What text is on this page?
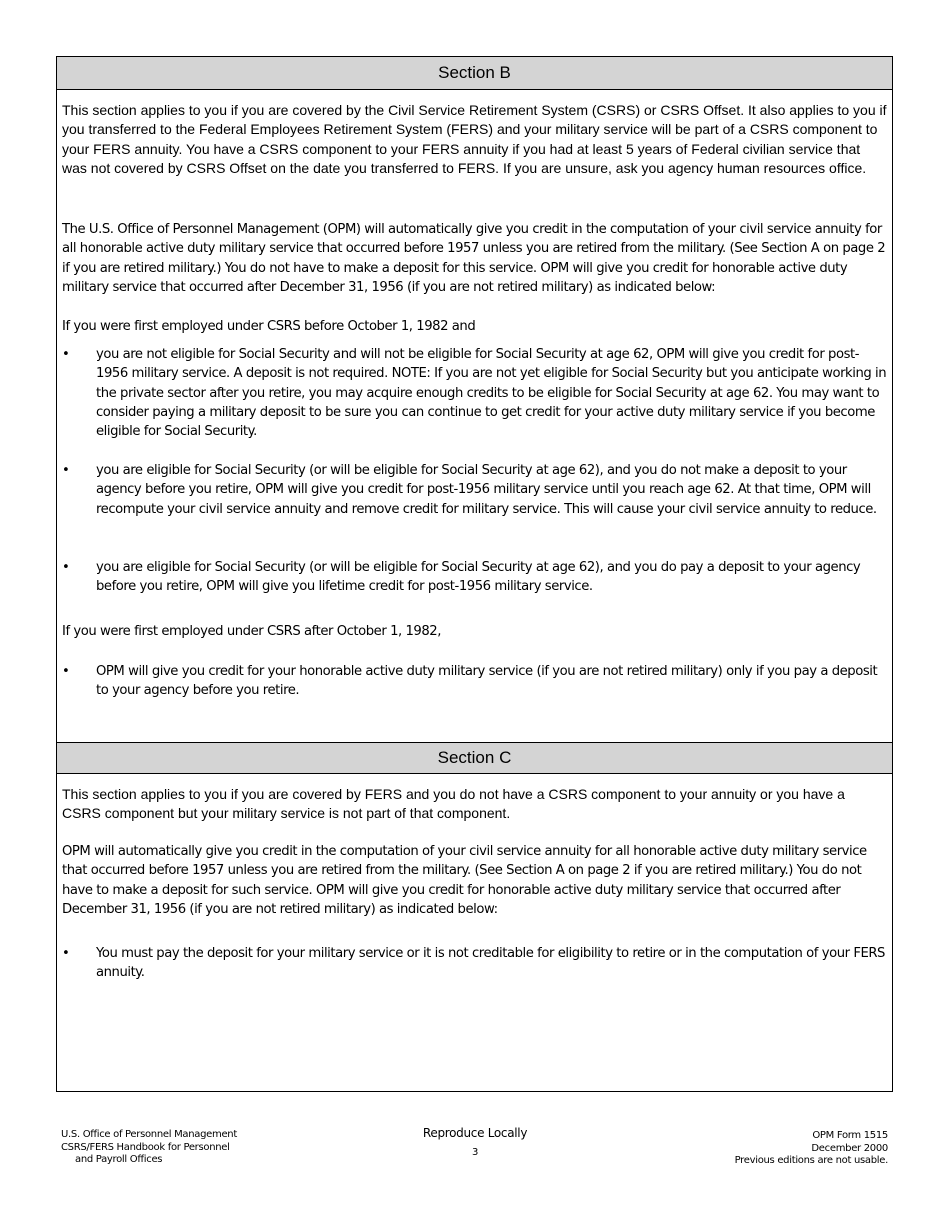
Section B

This section applies to you if you are covered by the Civil Service Retirement System (CSRS) or CSRS Offset. It also applies to you if you transferred to the Federal Employees Retirement System (FERS) and your military service will be part of a CSRS component to your FERS annuity. You have a CSRS component to your FERS annuity if you had at least 5 years of Federal civilian service that was not covered by CSRS Offset on the date you transferred to FERS. If you are unsure, ask you agency human resources office.

The U.S. Office of Personnel Management (OPM) will automatically give you credit in the computation of your civil service annuity for all honorable active duty military service that occurred before 1957 unless you are retired from the military. (See Section A on page 2 if you are retired military.) You do not have to make a deposit for this service. OPM will give you credit for honorable active duty military service that occurred after December 31, 1956 (if you are not retired military) as indicated below:

If you were first employed under CSRS before October 1, 1982 and

•	you are not eligible for Social Security and will not be eligible for Social Security at age 62, OPM will give you credit for post-1956 military service. A deposit is not required. NOTE: If you are not yet eligible for Social Security but you anticipate working in the private sector after you retire, you may acquire enough credits to be eligible for Social Security at age 62. You may want to consider paying a military deposit to be sure you can continue to get credit for your active duty military service if you become eligible for Social Security.
•	you are eligible for Social Security (or will be eligible for Social Security at age 62), and you do not make a deposit to your agency before you retire, OPM will give you credit for post-1956 military service until you reach age 62. At that time, OPM will recompute your civil service annuity and remove credit for military service. This will cause your civil service annuity to reduce.
•	you are eligible for Social Security (or will be eligible for Social Security at age 62), and you do pay a deposit to your agency before you retire, OPM will give you lifetime credit for post-1956 military service.

If you were first employed under CSRS after October 1, 1982,

•	OPM will give you credit for your honorable active duty military service (if you are not retired military) only if you pay a deposit to your agency before you retire.
Section C

This section applies to you if you are covered by FERS and you do not have a CSRS component to your annuity or you have a CSRS component but your military service is not part of that component.

OPM will automatically give you credit in the computation of your civil service annuity for all honorable active duty military service that occurred before 1957 unless you are retired from the military. (See Section A on page 2 if you are retired military.) You do not have to make a deposit for such service. OPM will give you credit for honorable active duty military service that occurred after December 31, 1956 (if you are not retired military) as indicated below:

•	You must pay the deposit for your military service or it is not creditable for eligibility to retire or in the computation of your FERS annuity.
U.S. Office of Personnel Management
CSRS/FERS Handbook for Personnel
and Payroll Offices
Reproduce Locally
3
OPM Form 1515
December 2000
Previous editions are not usable.
